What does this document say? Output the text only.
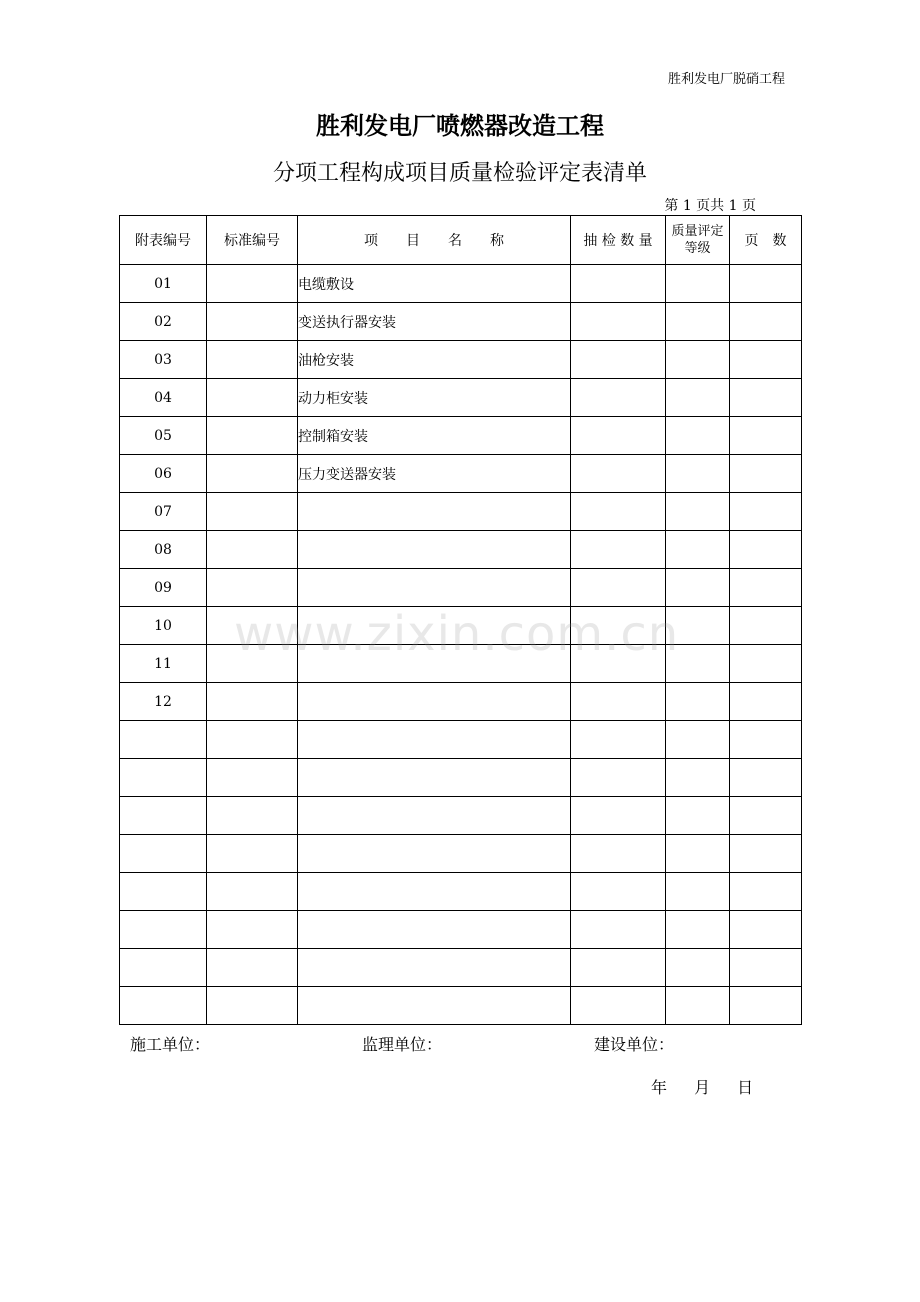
胜利发电厂脱硝工程
胜利发电厂喷燃器改造工程
分项工程构成项目质量检验评定表清单
第 1 页共 1 页
附表编号	标准编号	项　　目　　名　　称	抽 检 数 量	质量评定等级	页　数
01		电缆敷设			
02		变送执行器安装			
03		油枪安装			
04		动力柜安装			
05		控制箱安装			
06		压力变送器安装			
07					
08					
09					
10					
11					
12					

www.zixin.com.cn
施工单位：	监理单位：	建设单位：
年 月 日
